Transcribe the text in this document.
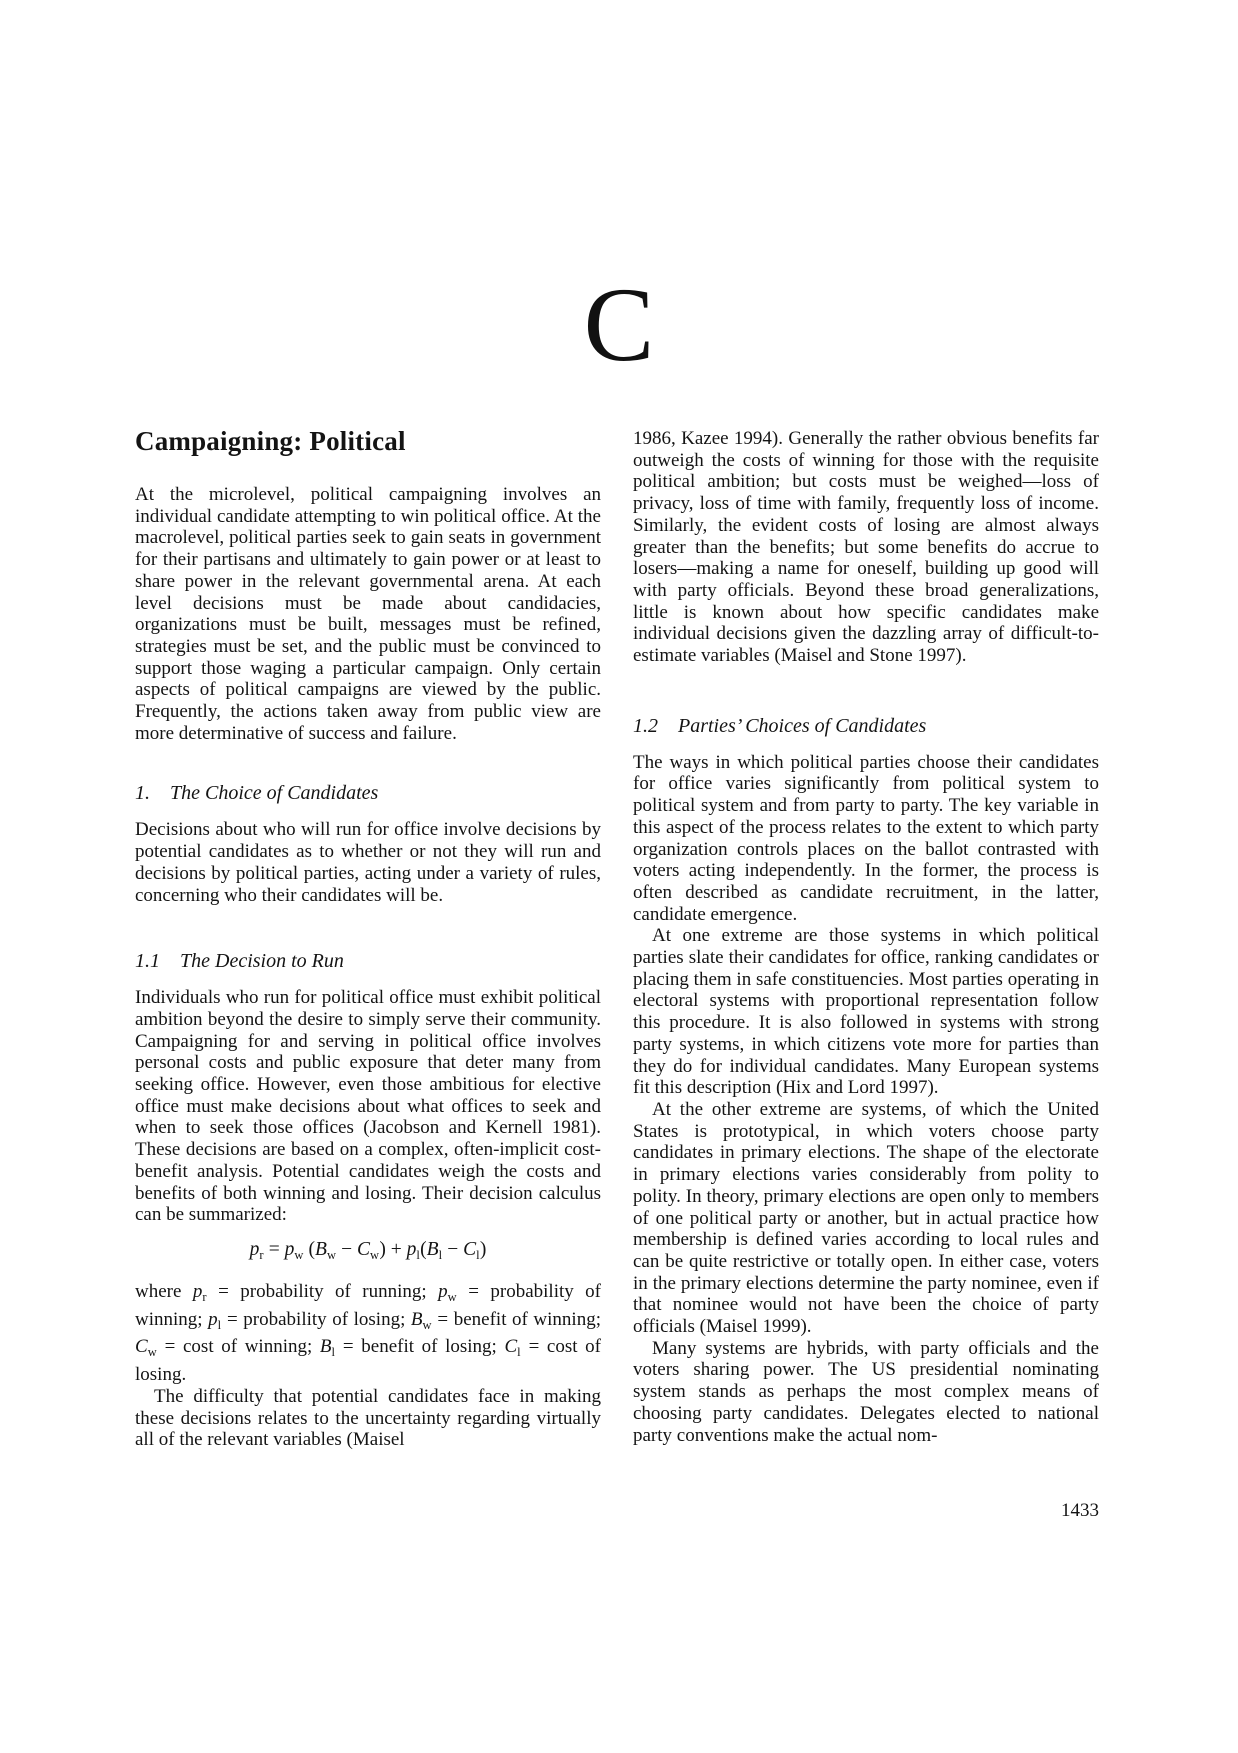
C
Campaigning: Political

At the microlevel, political campaigning involves an individual candidate attempting to win political office. At the macrolevel, political parties seek to gain seats in government for their partisans and ultimately to gain power or at least to share power in the relevant governmental arena. At each level decisions must be made about candidacies, organizations must be built, messages must be refined, strategies must be set, and the public must be convinced to support those waging a particular campaign. Only certain aspects of political campaigns are viewed by the public. Frequently, the actions taken away from public view are more determinative of success and failure.

1. The Choice of Candidates

Decisions about who will run for office involve decisions by potential candidates as to whether or not they will run and decisions by political parties, acting under a variety of rules, concerning who their candidates will be.

1.1 The Decision to Run

Individuals who run for political office must exhibit political ambition beyond the desire to simply serve their community. Campaigning for and serving in political office involves personal costs and public exposure that deter many from seeking office. However, even those ambitious for elective office must make decisions about what offices to seek and when to seek those offices (Jacobson and Kernell 1981). These decisions are based on a complex, often-implicit cost-benefit analysis. Potential candidates weigh the costs and benefits of both winning and losing. Their decision calculus can be summarized:

$p_r = p_w$ $(B_w - C_w) + p_l(B_l - C_l)$

where $p_r$ = probability of running; $p_w$ = probability of winning; $p_l$ = probability of losing; $B_w$ = benefit of winning; $C_w = \cos t$ of winning; $B_l$ = benefit of losing; $C_l = \cos t$ of losing.

The difficulty that potential candidates face in making these decisions relates to the uncertainty regarding virtually all of the relevant variables (Maisel

1986, Kazee 1994). Generally the rather obvious benefits far outweigh the costs of winning for those with the requisite political ambition; but costs must be weighed—loss of privacy, loss of time with family, frequently loss of income. Similarly, the evident costs of losing are almost always greater than the benefits; but some benefits do accrue to losers—making a name for oneself, building up good will with party officials. Beyond these broad generalizations, little is known about how specific candidates make individual decisions given the dazzling array of difficult-to-estimate variables (Maisel and Stone 1997).

1.2 Parties’ Choices of Candidates

The ways in which political parties choose their candidates for office varies significantly from political system to political system and from party to party. The key variable in this aspect of the process relates to the extent to which party organization controls places on the ballot contrasted with voters acting independently. In the former, the process is often described as candidate recruitment, in the latter, candidate emergence.

At one extreme are those systems in which political parties slate their candidates for office, ranking candidates or placing them in safe constituencies. Most parties operating in electoral systems with proportional representation follow this procedure. It is also followed in systems with strong party systems, in which citizens vote more for parties than they do for individual candidates. Many European systems fit this description (Hix and Lord 1997).

At the other extreme are systems, of which the United States is prototypical, in which voters choose party candidates in primary elections. The shape of the electorate in primary elections varies considerably from polity to polity. In theory, primary elections are open only to members of one political party or another, but in actual practice how membership is defined varies according to local rules and can be quite restrictive or totally open. In either case, voters in the primary elections determine the party nominee, even if that nominee would not have been the choice of party officials (Maisel 1999).

Many systems are hybrids, with party officials and the voters sharing power. The US presidential nominating system stands as perhaps the most complex means of choosing party candidates. Delegates elected to national party conventions make the actual nom-

1433
